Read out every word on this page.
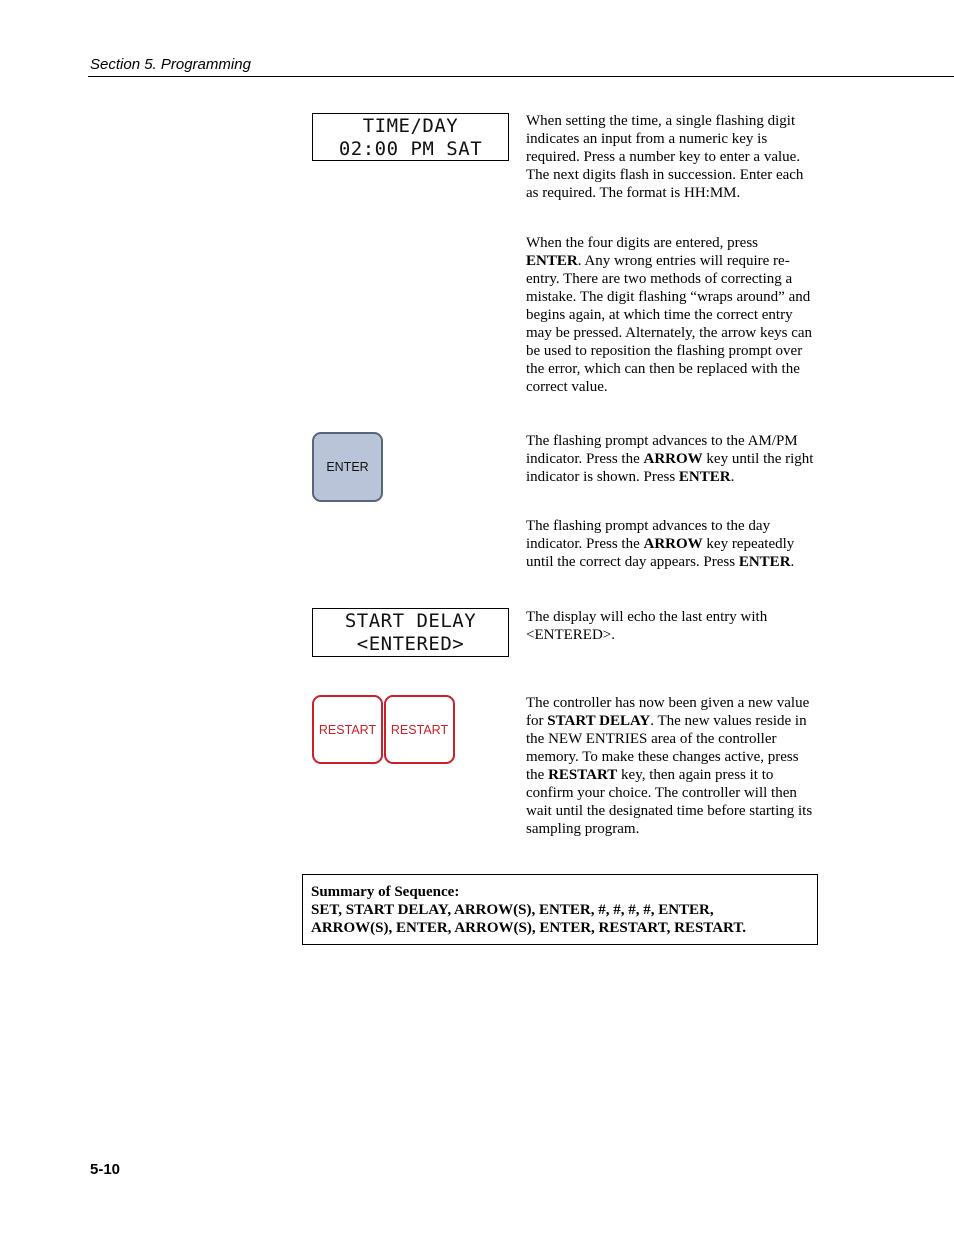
Section 5. Programming
TIME/DAY
02:00 PM SAT

When setting the time, a single flashing digit indicates an input from a numeric key is required. Press a number key to enter a value. The next digits flash in succession. Enter each as required. The format is HH:MM.

When the four digits are entered, press ENTER. Any wrong entries will require re-entry. There are two methods of correcting a mistake. The digit flashing “wraps around” and begins again, at which time the correct entry may be pressed. Alternately, the arrow keys can be used to reposition the flashing prompt over the error, which can then be replaced with the correct value.

ENTER

The flashing prompt advances to the AM/PM indicator. Press the ARROW key until the right indicator is shown. Press ENTER.

The flashing prompt advances to the day indicator. Press the ARROW key repeatedly until the correct day appears. Press ENTER.

START DELAY
<ENTERED>

The display will echo the last entry with <ENTERED>.

RESTART	RESTART

The controller has now been given a new value for START DELAY. The new values reside in the NEW ENTRIES area of the controller memory. To make these changes active, press the RESTART key, then again press it to confirm your choice. The controller will then wait until the designated time before starting its sampling program.

Summary of Sequence:
SET, START DELAY, ARROW(S), ENTER, #, #, #, #, ENTER,
ARROW(S), ENTER, ARROW(S), ENTER, RESTART, RESTART.
5-10
